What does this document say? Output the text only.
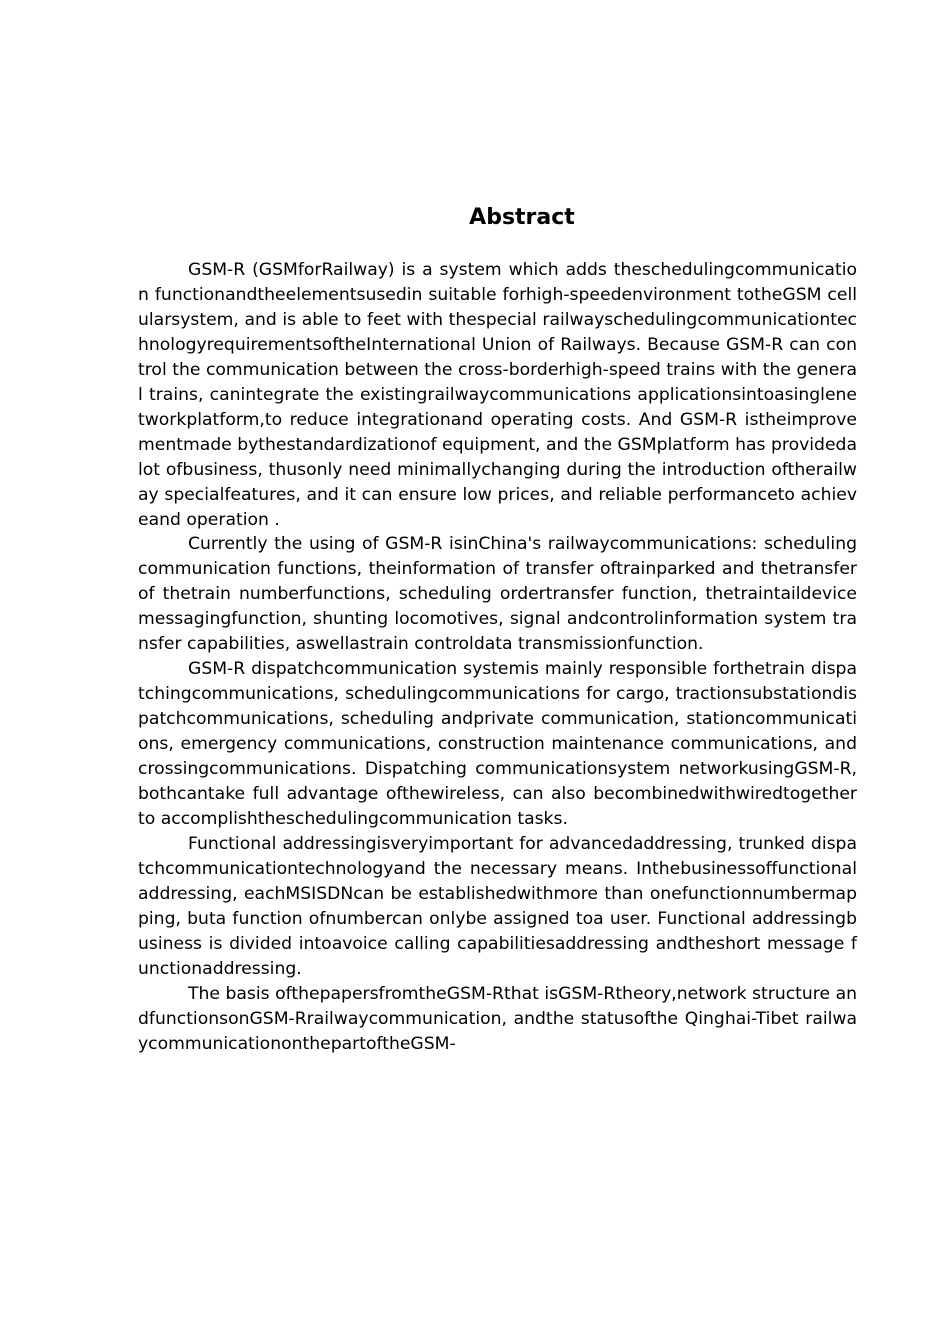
Abstract

GSM-R (GSMforRailway) is a system which adds theschedulingcommunication functionandtheelementsusedin suitable forhigh-speedenvironment totheGSM cellularsystem, and is able to feet with thespecial railwayschedulingcommunicationtechnologyrequirementsoftheInternational Union of Railways. Because GSM-R can control the communication between the cross-borderhigh-speed trains with the general trains, canintegrate the existingrailwaycommunications applicationsintoasinglenetworkplatform,to reduce integrationand operating costs. And GSM-R istheimprovementmade bythestandardizationof equipment, and the GSMplatform has provideda lot ofbusiness, thusonly need minimallychanging during the introduction oftherailway specialfeatures, and it can ensure low prices, and reliable performanceto achieveand operation .

Currently the using of GSM-R isinChina's railwaycommunications: schedulingcommunication functions, theinformation of transfer oftrainparked and thetransfer of thetrain numberfunctions, scheduling ordertransfer function, thetraintaildevicemessagingfunction, shunting locomotives, signal andcontrolinformation system transfer capabilities, aswellastrain controldata transmissionfunction.

GSM-R dispatchcommunication systemis mainly responsible forthetrain dispatchingcommunications, schedulingcommunications for cargo, tractionsubstationdispatchcommunications, scheduling andprivate communication, stationcommunications, emergency communications, construction maintenance communications, andcrossingcommunications. Dispatching communicationsystem networkusingGSM-R, bothcantake full advantage ofthewireless, can also becombinedwithwiredtogether to accomplishtheschedulingcommunication tasks.

Functional addressingisveryimportant for advancedaddressing, trunked dispatchcommunicationtechnologyand the necessary means. Inthebusinessoffunctional addressing, eachMSISDNcan be establishedwithmore than onefunctionnumbermapping, buta function ofnumbercan onlybe assigned toa user. Functional addressingbusiness is divided intoavoice calling capabilitiesaddressing andtheshort message functionaddressing.

The basis ofthepapersfromtheGSM-Rthat isGSM-Rtheory,network structure andfunctionsonGSM-Rrailwaycommunication, andthe statusofthe Qinghai-Tibet railwaycommunicationonthepartoftheGSM-
